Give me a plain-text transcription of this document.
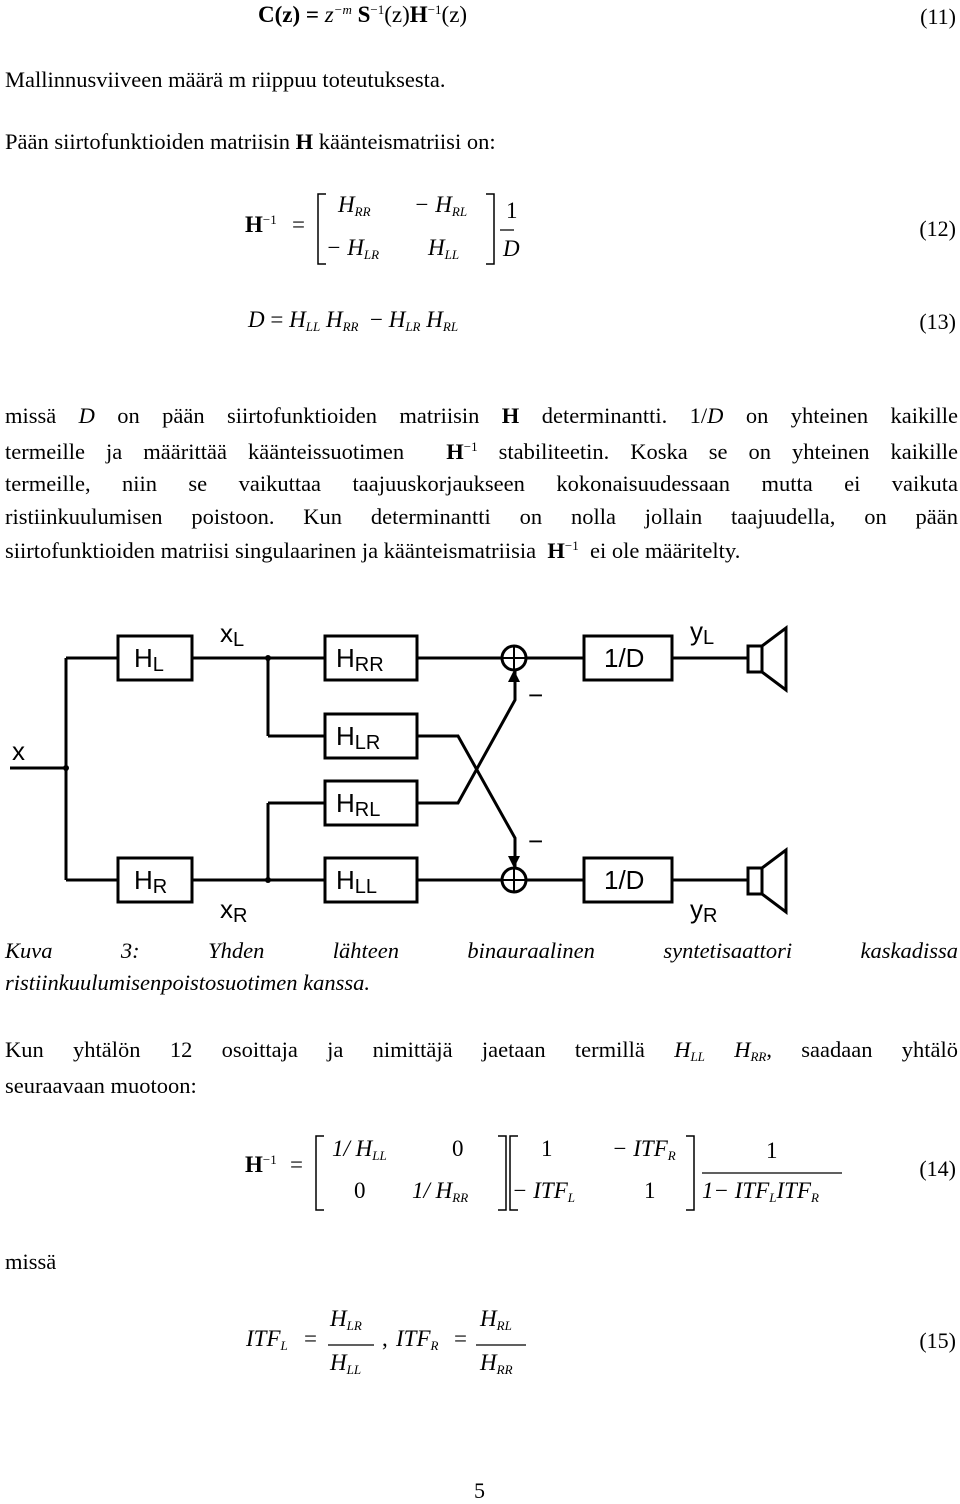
$C(z) = z^{-m}$ $S^{-1}(z)H^{-1}(z)$	(11)
Mallinnusviiveen määrä m riippuu toteutuksesta.
Pään siirtofunktioiden matriisin H käänteismatriisi on:
$H^{-1}$ =
$H_{RR} - H_{RL}$
− $H_{LR}$ $H_{LL}$
1
D
(12)
$D = H_{LL}$ $H_{RR} - H_{LR}$ $H_{RL}$	(13)
missä D on pään siirtofunktioiden matriisin H determinantti. 1/D on yhteinen kaikille
termeille ja määrittää käänteissuotimen $H^{-1}$ stabiliteetin. Koska se on yhteinen kaikille
termeille, niin se vaikuttaa taajuuskorjaukseen kokonaisuudessaan mutta ei vaikuta
ristiinkuulumisen poistoon. Kun determinantti on nolla jollain taajuudella, on pään
siirtofunktioiden matriisi singulaarinen ja käänteismatriisia $H^{-1}$ ei ole määritelty.
x
HL
HR
xL
xR
HRR
HLR
HRL
HLL
1/D
1/D
yL
yR
−
−
Kuva 3: Yhden lähteen binauraalinen syntetisaattori kaskadissa
ristiinkuulumisenpoistosuotimen kanssa.
Kun yhtälön 12 osoittaja ja nimittäjä jaetaan termillä $H_{LL}$ $H_{RR}$, saadaan yhtälö
seuraavaan muotoon:
$H^{-1}$ =
1/ $H_{LL}$	0
0 1/ $H_{RR}$
1	− $ITF_R$
− $ITF_L$	1
1
$1- ITF_LITF_R$
(14)
missä
$ITF_L$ =
$H_{LR}$
$H_{LL}$
, $ITF_R$ =
$H_{RL}$
$H_{RR}$
(15)
5
